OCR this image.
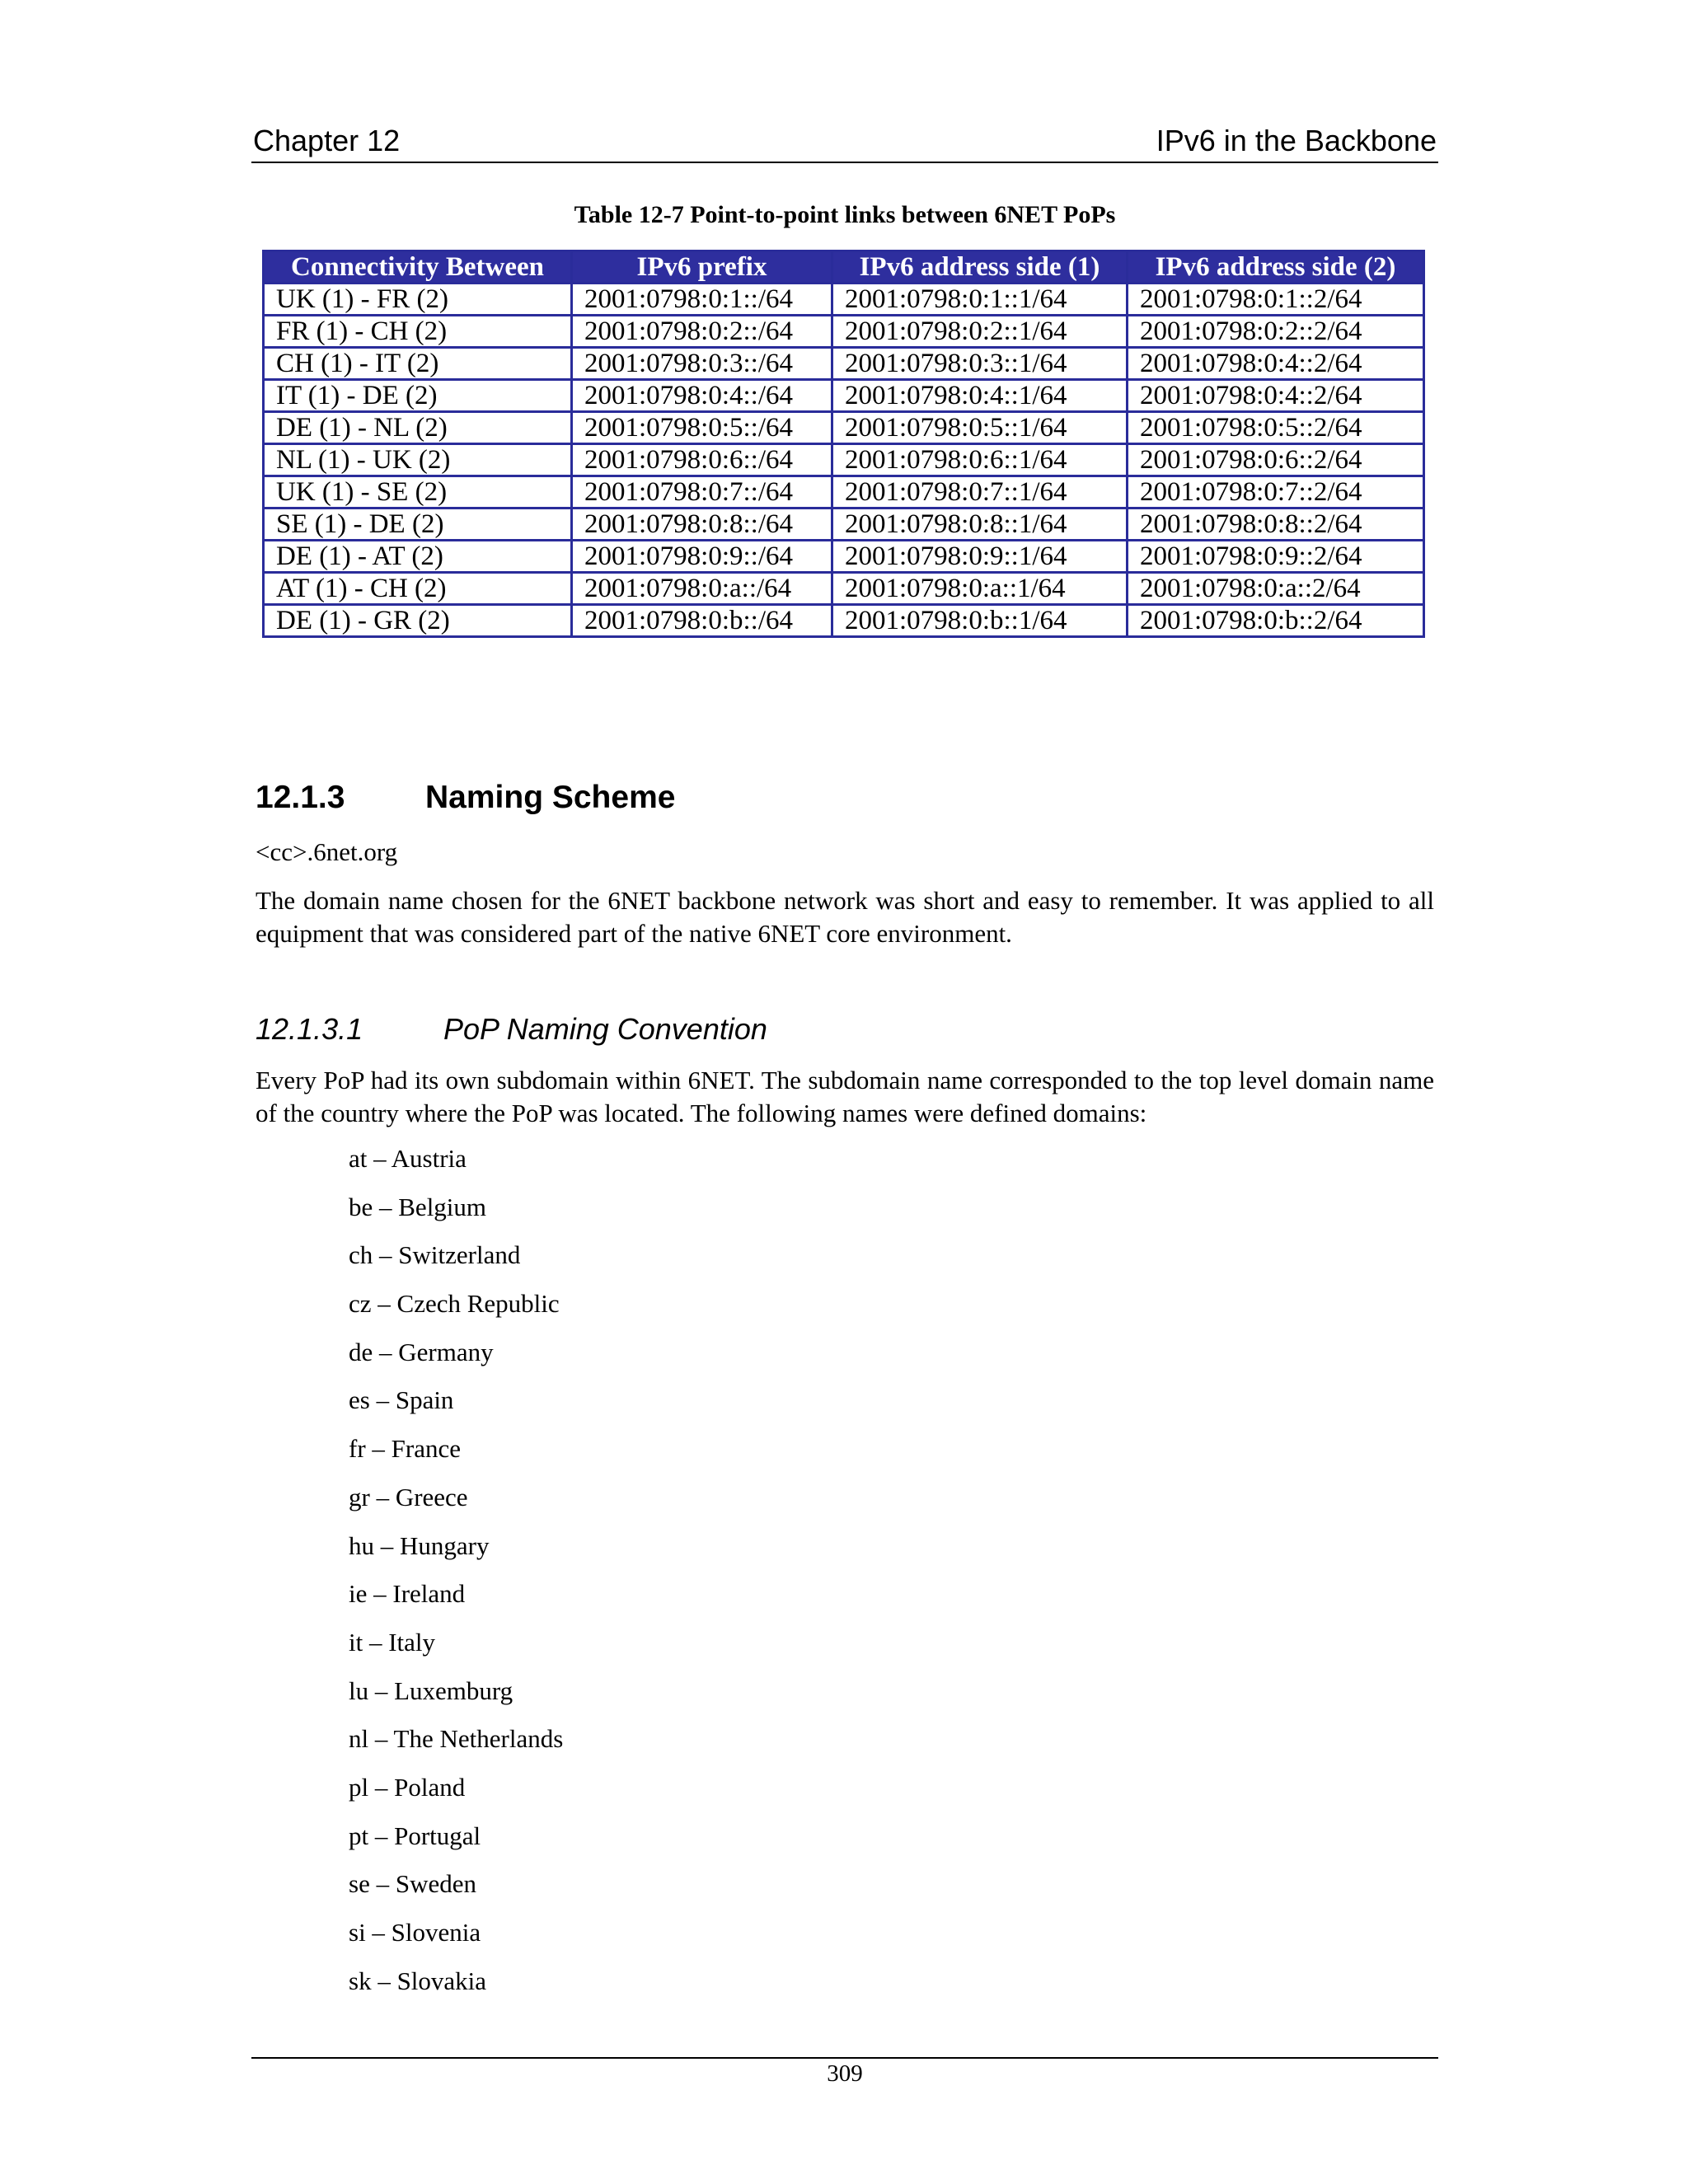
Chapter 12	IPv6 in the Backbone
Table 12-7 Point-to-point links between 6NET PoPs
Connectivity Between	IPv6 prefix	IPv6 address side (1)	IPv6 address side (2)
UK (1) - FR (2)	2001:0798:0:1::/64	2001:0798:0:1::1/64	2001:0798:0:1::2/64
FR (1) - CH (2)	2001:0798:0:2::/64	2001:0798:0:2::1/64	2001:0798:0:2::2/64
CH (1) - IT (2)	2001:0798:0:3::/64	2001:0798:0:3::1/64	2001:0798:0:4::2/64
IT (1) - DE (2)	2001:0798:0:4::/64	2001:0798:0:4::1/64	2001:0798:0:4::2/64
DE (1) - NL (2)	2001:0798:0:5::/64	2001:0798:0:5::1/64	2001:0798:0:5::2/64
NL (1) - UK (2)	2001:0798:0:6::/64	2001:0798:0:6::1/64	2001:0798:0:6::2/64
UK (1) - SE (2)	2001:0798:0:7::/64	2001:0798:0:7::1/64	2001:0798:0:7::2/64
SE (1) - DE (2)	2001:0798:0:8::/64	2001:0798:0:8::1/64	2001:0798:0:8::2/64
DE (1) - AT (2)	2001:0798:0:9::/64	2001:0798:0:9::1/64	2001:0798:0:9::2/64
AT (1) - CH (2)	2001:0798:0:a::/64	2001:0798:0:a::1/64	2001:0798:0:a::2/64
DE (1) - GR (2)	2001:0798:0:b::/64	2001:0798:0:b::1/64	2001:0798:0:b::2/64
12.1.3	Naming Scheme

<cc>.6net.org

The domain name chosen for the 6NET backbone network was short and easy to remember. It was applied to all equipment that was considered part of the native 6NET core environment.

12.1.3.1	PoP Naming Convention

Every PoP had its own subdomain within 6NET. The subdomain name corresponded to the top level domain name of the country where the PoP was located. The following names were defined domains:

at – Austria
be – Belgium
ch – Switzerland
cz – Czech Republic
de – Germany
es – Spain
fr – France
gr – Greece
hu – Hungary
ie – Ireland
it – Italy
lu – Luxemburg
nl – The Netherlands
pl – Poland
pt – Portugal
se – Sweden
si – Slovenia
sk – Slovakia
309
